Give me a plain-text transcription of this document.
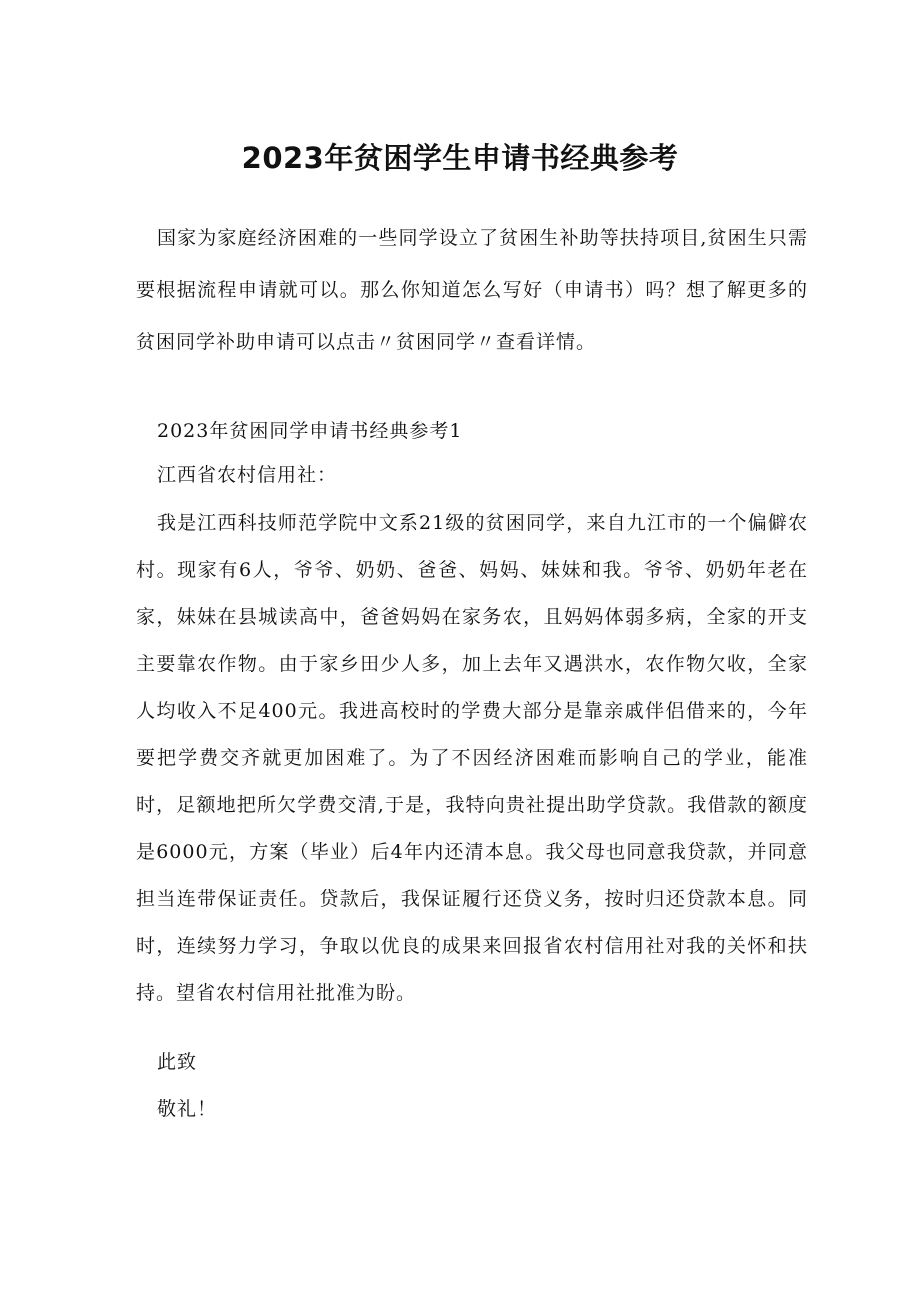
2023年贫困学生申请书经典参考
国家为家庭经济困难的一些同学设立了贫困生补助等扶持项目,贫困生只需要根据流程申请就可以。那么你知道怎么写好（申请书）吗？想了解更多的贫困同学补助申请可以点击〃贫困同学〃查看详情。
2023年贫困同学申请书经典参考1
江西省农村信用社：
我是江西科技师范学院中文系21级的贫困同学，来自九江市的一个偏僻农村。现家有6人，爷爷、奶奶、爸爸、妈妈、妹妹和我。爷爷、奶奶年老在家，妹妹在县城读高中，爸爸妈妈在家务农，且妈妈体弱多病，全家的开支主要靠农作物。由于家乡田少人多，加上去年又遇洪水，农作物欠收，全家人均收入不足400元。我进高校时的学费大部分是靠亲戚伴侣借来的，今年要把学费交齐就更加困难了。为了不因经济困难而影响自己的学业，能准时，足额地把所欠学费交清,于是，我特向贵社提出助学贷款。我借款的额度是6000元，方案（毕业）后4年内还清本息。我父母也同意我贷款，并同意担当连带保证责任。贷款后，我保证履行还贷义务，按时归还贷款本息。同时，连续努力学习，争取以优良的成果来回报省农村信用社对我的关怀和扶持。望省农村信用社批准为盼。
此致
敬礼！
